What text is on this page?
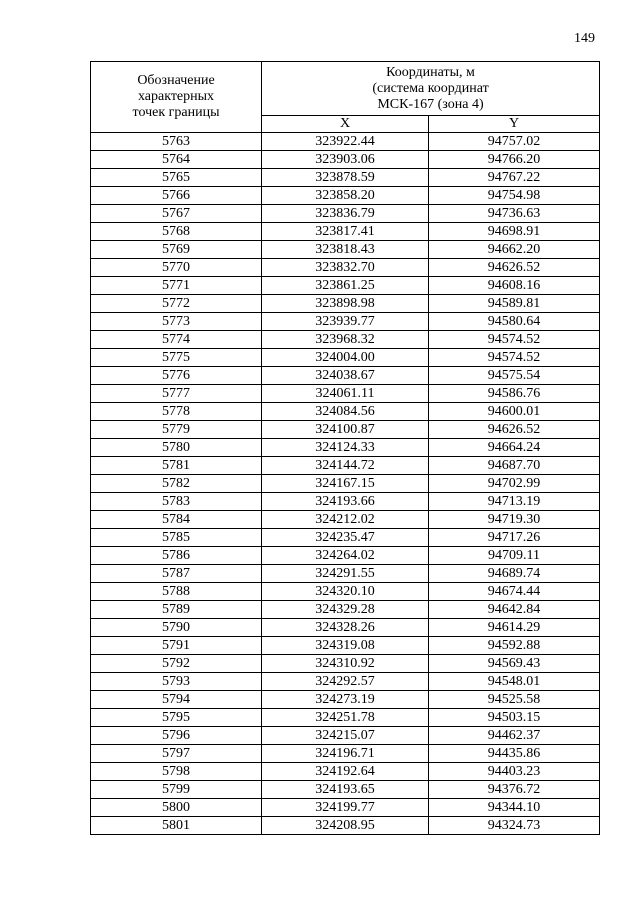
149
Обозначение
характерных
точек границы	Координаты, м
(система координат
МСК-167 (зона 4)	

	X	Y
5763	323922.44	94757.02
5764	323903.06	94766.20
5765	323878.59	94767.22
5766	323858.20	94754.98
5767	323836.79	94736.63
5768	323817.41	94698.91
5769	323818.43	94662.20
5770	323832.70	94626.52
5771	323861.25	94608.16
5772	323898.98	94589.81
5773	323939.77	94580.64
5774	323968.32	94574.52
5775	324004.00	94574.52
5776	324038.67	94575.54
5777	324061.11	94586.76
5778	324084.56	94600.01
5779	324100.87	94626.52
5780	324124.33	94664.24
5781	324144.72	94687.70
5782	324167.15	94702.99
5783	324193.66	94713.19
5784	324212.02	94719.30
5785	324235.47	94717.26
5786	324264.02	94709.11
5787	324291.55	94689.74
5788	324320.10	94674.44
5789	324329.28	94642.84
5790	324328.26	94614.29
5791	324319.08	94592.88
5792	324310.92	94569.43
5793	324292.57	94548.01
5794	324273.19	94525.58
5795	324251.78	94503.15
5796	324215.07	94462.37
5797	324196.71	94435.86
5798	324192.64	94403.23
5799	324193.65	94376.72
5800	324199.77	94344.10
5801	324208.95	94324.73
